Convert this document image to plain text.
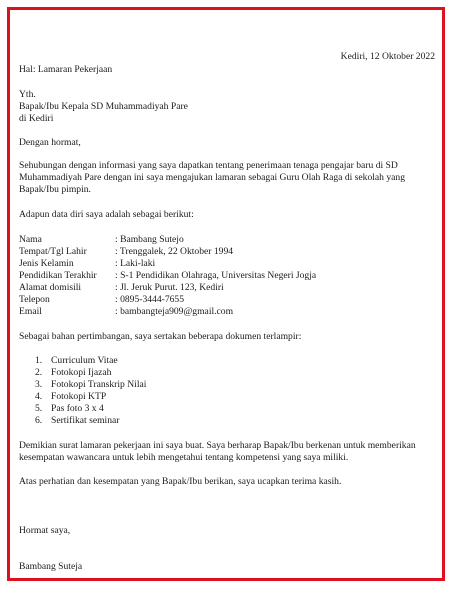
Kediri, 12 Oktober 2022
Hal: Lamaran Pekerjaan
Yth.
Bapak/Ibu Kepala SD Muhammadiyah Pare
di Kediri
Dengan hormat,
Sehubungan dengan informasi yang saya dapatkan tentang penerimaan tenaga pengajar baru di SD Muhammadiyah Pare dengan ini saya mengajukan lamaran sebagai Guru Olah Raga di sekolah yang Bapak/Ibu pimpin.
Adapun data diri saya adalah sebagai berikut:
Nama	: Bambang Sutejo
Tempat/Tgl Lahir	: Trenggalek, 22 Oktober 1994
Jenis Kelamin	: Laki-laki
Pendidikan Terakhir : S-1 Pendidikan Olahraga, Universitas Negeri Jogja
Alamat domisili	: Jl. Jeruk Purut. 123, Kediri
Telepon	: 0895-3444-7655
Email	: bambangteja909@gmail.com
Sebagai bahan pertimbangan, saya sertakan beberapa dokumen terlampir:
1. Curriculum Vitae
2. Fotokopi Ijazah
3. Fotokopi Transkrip Nilai
4. Fotokopi KTP
5. Pas foto 3 x 4
6. Sertifikat seminar
Demikian surat lamaran pekerjaan ini saya buat. Saya berharap Bapak/Ibu berkenan untuk memberikan kesempatan wawancara untuk lebih mengetahui tentang kompetensi yang saya miliki.
Atas perhatian dan kesempatan yang Bapak/Ibu berikan, saya ucapkan terima kasih.
Hormat saya,
Bambang Suteja
